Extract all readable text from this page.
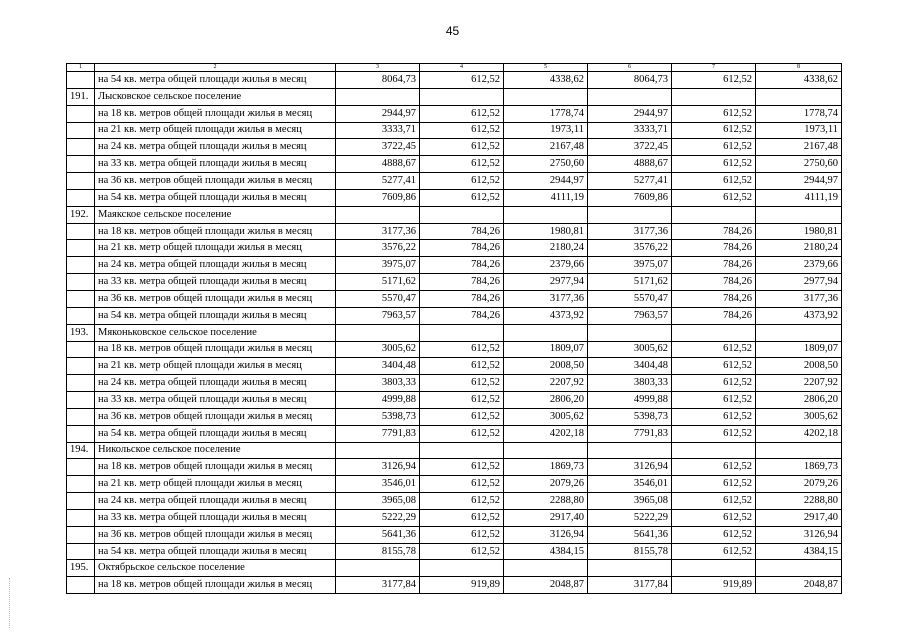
45
1	2	3	4	5	6	7	8
	на 54 кв. метра общей площади жилья в месяц	8064,73	612,52	4338,62	8064,73	612,52	4338,62
191.	Лысковское сельское поселение						
	на 18 кв. метров общей площади жилья в месяц	2944,97	612,52	1778,74	2944,97	612,52	1778,74
	на 21 кв. метр общей площади жилья в месяц	3333,71	612,52	1973,11	3333,71	612,52	1973,11
	на 24 кв. метра общей площади жилья в месяц	3722,45	612,52	2167,48	3722,45	612,52	2167,48
	на 33 кв. метра общей площади жилья в месяц	4888,67	612,52	2750,60	4888,67	612,52	2750,60
	на 36 кв. метров общей площади жилья в месяц	5277,41	612,52	2944,97	5277,41	612,52	2944,97
	на 54 кв. метра общей площади жилья в месяц	7609,86	612,52	4111,19	7609,86	612,52	4111,19
192.	Маякское сельское поселение						
	на 18 кв. метров общей площади жилья в месяц	3177,36	784,26	1980,81	3177,36	784,26	1980,81
	на 21 кв. метр общей площади жилья в месяц	3576,22	784,26	2180,24	3576,22	784,26	2180,24
	на 24 кв. метра общей площади жилья в месяц	3975,07	784,26	2379,66	3975,07	784,26	2379,66
	на 33 кв. метра общей площади жилья в месяц	5171,62	784,26	2977,94	5171,62	784,26	2977,94
	на 36 кв. метров общей площади жилья в месяц	5570,47	784,26	3177,36	5570,47	784,26	3177,36
	на 54 кв. метра общей площади жилья в месяц	7963,57	784,26	4373,92	7963,57	784,26	4373,92
193.	Мяконьковское сельское поселение						
	на 18 кв. метров общей площади жилья в месяц	3005,62	612,52	1809,07	3005,62	612,52	1809,07
	на 21 кв. метр общей площади жилья в месяц	3404,48	612,52	2008,50	3404,48	612,52	2008,50
	на 24 кв. метра общей площади жилья в месяц	3803,33	612,52	2207,92	3803,33	612,52	2207,92
	на 33 кв. метра общей площади жилья в месяц	4999,88	612,52	2806,20	4999,88	612,52	2806,20
	на 36 кв. метров общей площади жилья в месяц	5398,73	612,52	3005,62	5398,73	612,52	3005,62
	на 54 кв. метра общей площади жилья в месяц	7791,83	612,52	4202,18	7791,83	612,52	4202,18
194.	Никольское сельское поселение						
	на 18 кв. метров общей площади жилья в месяц	3126,94	612,52	1869,73	3126,94	612,52	1869,73
	на 21 кв. метр общей площади жилья в месяц	3546,01	612,52	2079,26	3546,01	612,52	2079,26
	на 24 кв. метра общей площади жилья в месяц	3965,08	612,52	2288,80	3965,08	612,52	2288,80
	на 33 кв. метра общей площади жилья в месяц	5222,29	612,52	2917,40	5222,29	612,52	2917,40
	на 36 кв. метров общей площади жилья в месяц	5641,36	612,52	3126,94	5641,36	612,52	3126,94
	на 54 кв. метра общей площади жилья в месяц	8155,78	612,52	4384,15	8155,78	612,52	4384,15
195.	Октябрьское сельское поселение						
	на 18 кв. метров общей площади жилья в месяц	3177,84	919,89	2048,87	3177,84	919,89	2048,87
